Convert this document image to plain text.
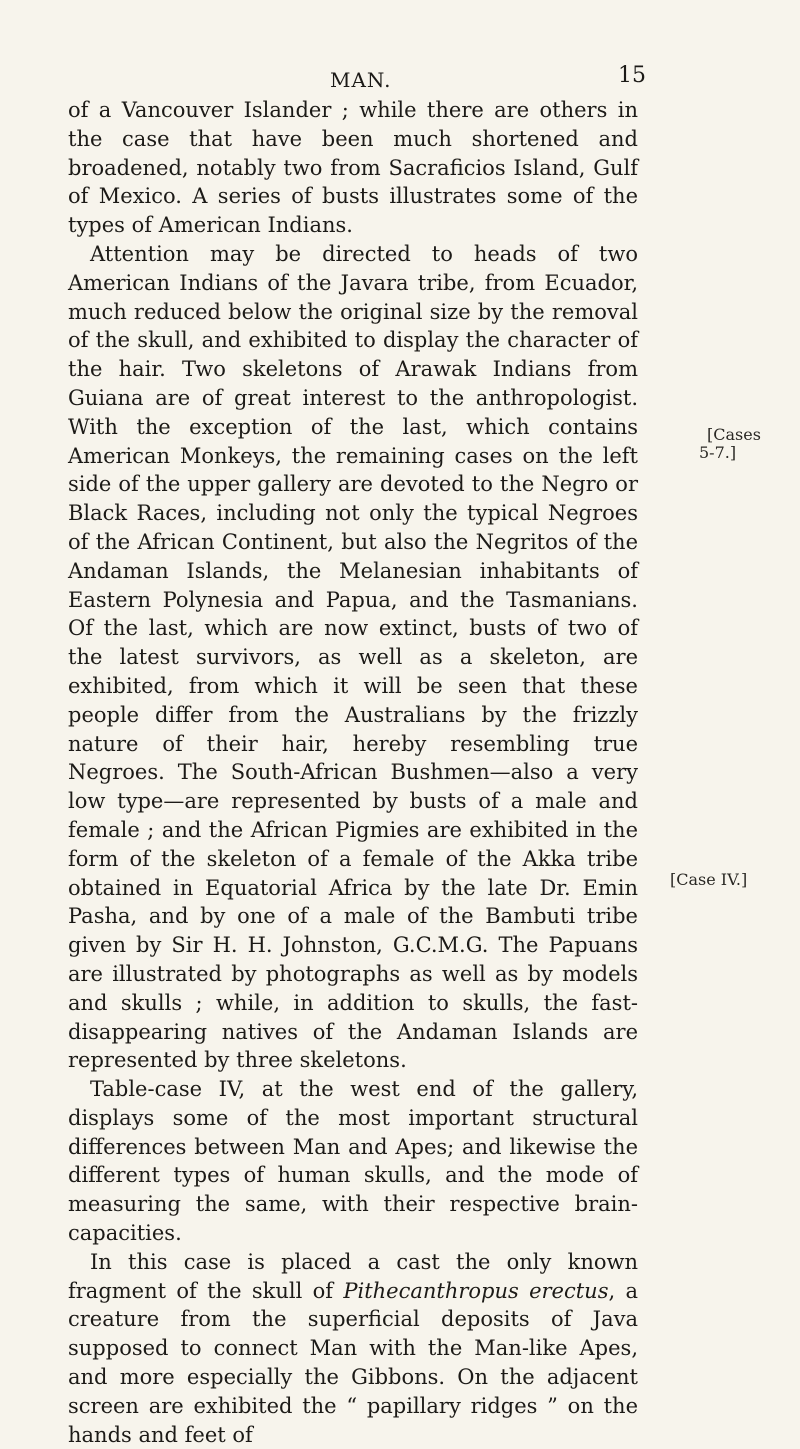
MAN.	15

of a Vancouver Islander ; while there are others in the case that have been much shortened and broadened, notably two from Sacraficios Island, Gulf of Mexico. A series of busts illustrates some of the types of American Indians.

Attention may be directed to heads of two American Indians of the Javara tribe, from Ecuador, much reduced below the original size by the removal of the skull, and exhibited to display the character of the hair. Two skeletons of Arawak Indians from Guiana are of great interest to the anthropologist. With the exception of the last, which contains American Monkeys, the remaining cases on the left side of the upper gallery are devoted to the Negro or Black Races, including not only the typical Negroes of the African Continent, but also the Negritos of the Andaman Islands, the Melanesian inhabitants of Eastern Polynesia and Papua, and the Tasmanians. Of the last, which are now extinct, busts of two of the latest survivors, as well as a skeleton, are exhibited, from which it will be seen that these people differ from the Australians by the frizzly nature of their hair, hereby resembling true Negroes. The South-African Bushmen—also a very low type—are represented by busts of a male and female ; and the African Pigmies are exhibited in the form of the skeleton of a female of the Akka tribe obtained in Equatorial Africa by the late Dr. Emin Pasha, and by one of a male of the Bambuti tribe given by Sir H. H. Johnston, G.C.M.G. The Papuans are illustrated by photographs as well as by models and skulls ; while, in addition to skulls, the fast-disappearing natives of the Andaman Islands are represented by three skeletons.

Table-case IV, at the west end of the gallery, displays some of the most important structural differences between Man and Apes; and likewise the different types of human skulls, and the mode of measuring the same, with their respective brain-capacities.

In this case is placed a cast the only known fragment of the skull of Pithecanthropus erectus, a creature from the superficial deposits of Java supposed to connect Man with the Man-like Apes, and more especially the Gibbons. On the adjacent screen are exhibited the “ papillary ridges ” on the hands and feet of

[Cases
5-7.]
[Case IV.]
